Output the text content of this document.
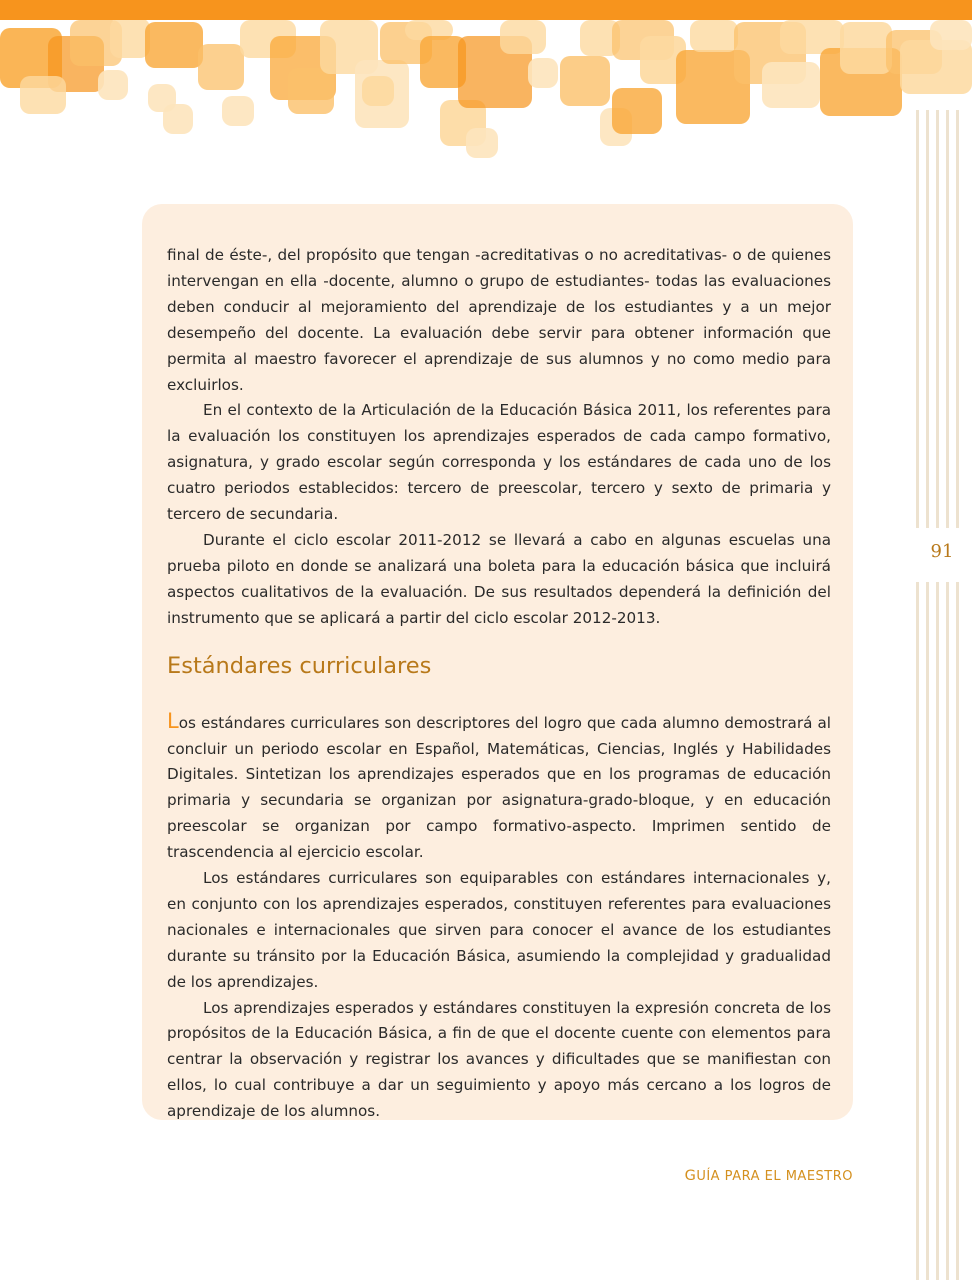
91

final de éste-, del propósito que tengan -acreditativas o no acreditativas- o de quienes intervengan en ella -docente, alumno o grupo de estudiantes- todas las evaluaciones deben conducir al mejoramiento del aprendizaje de los estudiantes y a un mejor desempeño del docente. La evaluación debe servir para obtener información que permita al maestro favorecer el aprendizaje de sus alumnos y no como medio para excluirlos.

En el contexto de la Articulación de la Educación Básica 2011, los referentes para la evaluación los constituyen los aprendizajes esperados de cada campo formativo, asignatura, y grado escolar según corresponda y los estándares de cada uno de los cuatro periodos establecidos: tercero de preescolar, tercero y sexto de primaria y tercero de secundaria.

Durante el ciclo escolar 2011-2012 se llevará a cabo en algunas escuelas una prueba piloto en donde se analizará una boleta para la educación básica que incluirá aspectos cualitativos de la evaluación. De sus resultados dependerá la definición del instrumento que se aplicará a partir del ciclo escolar 2012-2013.

Estándares curriculares

Los estándares curriculares son descriptores del logro que cada alumno demostrará al concluir un periodo escolar en Español, Matemáticas, Ciencias, Inglés y Habilidades Digitales. Sintetizan los aprendizajes esperados que en los programas de educación primaria y secundaria se organizan por asignatura-grado-bloque, y en educación preescolar se organizan por campo formativo-aspecto. Imprimen sentido de trascendencia al ejercicio escolar.

Los estándares curriculares son equiparables con estándares internacionales y, en conjunto con los aprendizajes esperados, constituyen referentes para evaluaciones nacionales e internacionales que sirven para conocer el avance de los estudiantes durante su tránsito por la Educación Básica, asumiendo la complejidad y gradualidad de los aprendizajes.

Los aprendizajes esperados y estándares constituyen la expresión concreta de los propósitos de la Educación Básica, a fin de que el docente cuente con elementos para centrar la observación y registrar los avances y dificultades que se manifiestan con ellos, lo cual contribuye a dar un seguimiento y apoyo más cercano a los logros de aprendizaje de los alumnos.

GUÍA PARA EL MAESTRO
